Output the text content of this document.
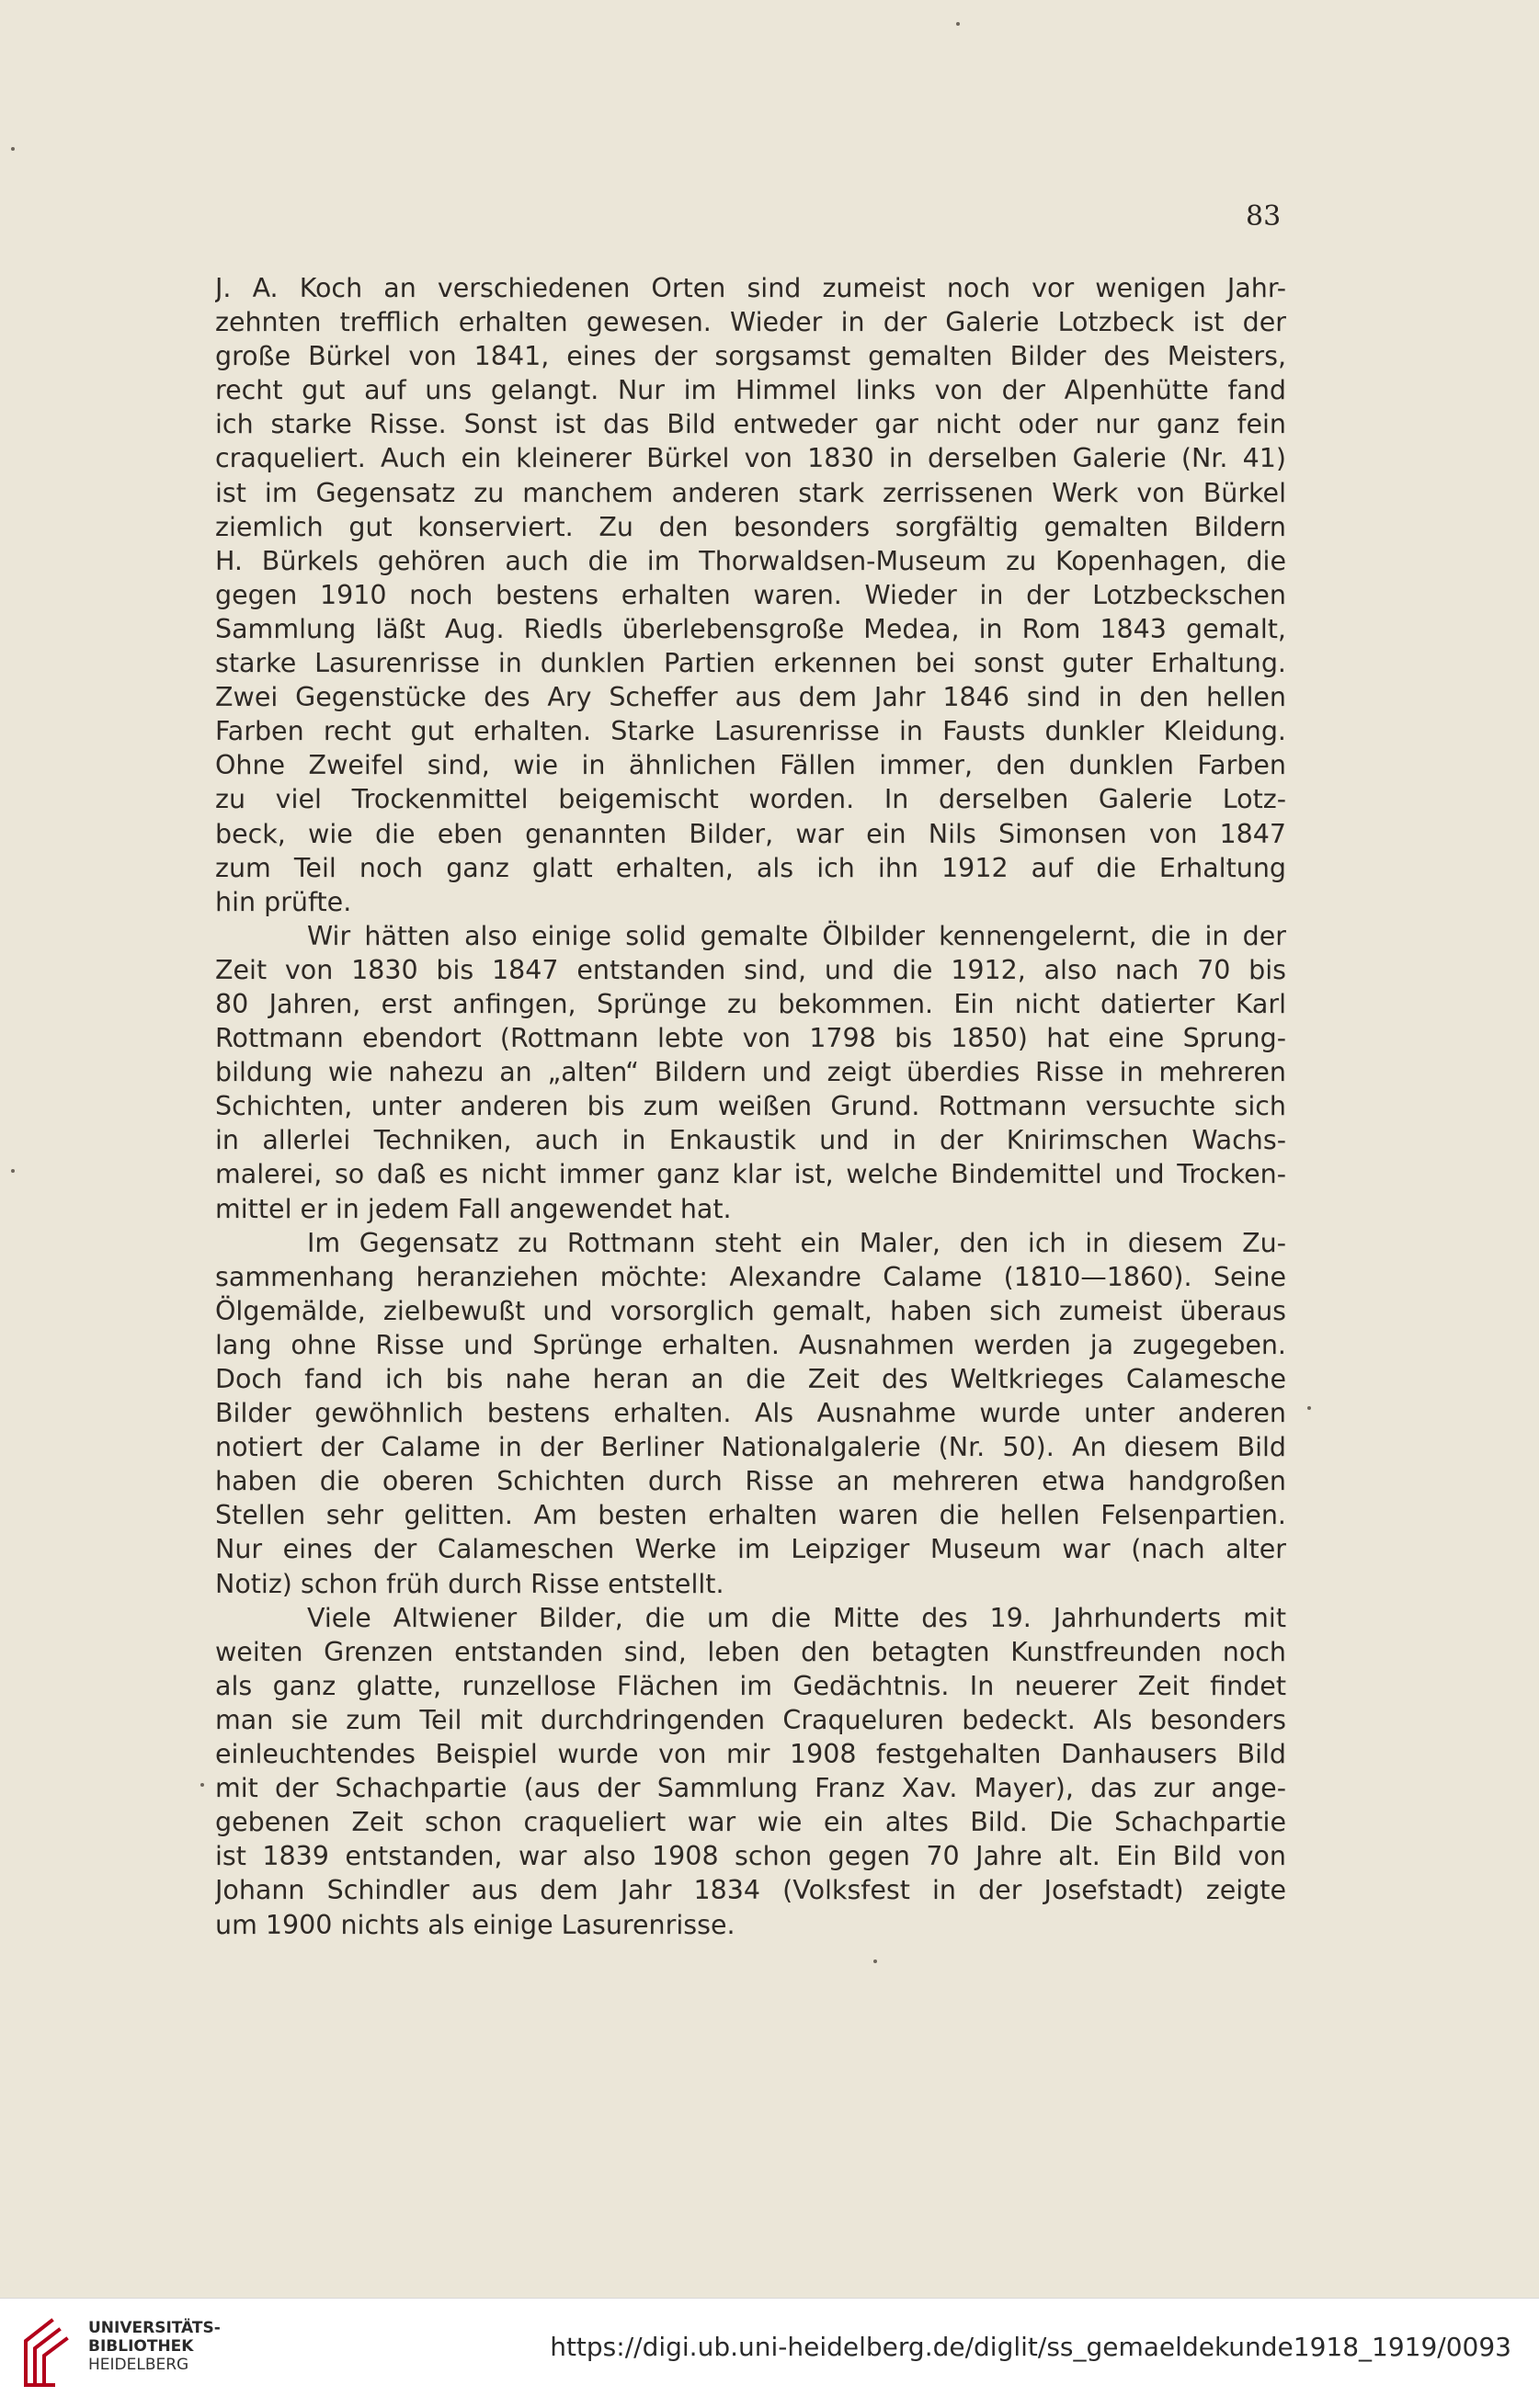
83
J. A. Koch an verschiedenen Orten sind zumeist noch vor wenigen Jahr-
zehnten trefflich erhalten gewesen. Wieder in der Galerie Lotzbeck ist der
große Bürkel von 1841, eines der sorgsamst gemalten Bilder des Meisters,
recht gut auf uns gelangt. Nur im Himmel links von der Alpenhütte fand
ich starke Risse. Sonst ist das Bild entweder gar nicht oder nur ganz fein
craqueliert. Auch ein kleinerer Bürkel von 1830 in derselben Galerie (Nr. 41)
ist im Gegensatz zu manchem anderen stark zerrissenen Werk von Bürkel
ziemlich gut konserviert. Zu den besonders sorgfältig gemalten Bildern
H. Bürkels gehören auch die im Thorwaldsen-Museum zu Kopenhagen, die
gegen 1910 noch bestens erhalten waren. Wieder in der Lotzbeckschen
Sammlung läßt Aug. Riedls überlebensgroße Medea, in Rom 1843 gemalt,
starke Lasurenrisse in dunklen Partien erkennen bei sonst guter Erhaltung.
Zwei Gegenstücke des Ary Scheffer aus dem Jahr 1846 sind in den hellen
Farben recht gut erhalten. Starke Lasurenrisse in Fausts dunkler Kleidung.
Ohne Zweifel sind, wie in ähnlichen Fällen immer, den dunklen Farben
zu viel Trockenmittel beigemischt worden. In derselben Galerie Lotz-
beck, wie die eben genannten Bilder, war ein Nils Simonsen von 1847
zum Teil noch ganz glatt erhalten, als ich ihn 1912 auf die Erhaltung
hin prüfte.
Wir hätten also einige solid gemalte Ölbilder kennengelernt, die in der
Zeit von 1830 bis 1847 entstanden sind, und die 1912, also nach 70 bis
80 Jahren, erst anfingen, Sprünge zu bekommen. Ein nicht datierter Karl
Rottmann ebendort (Rottmann lebte von 1798 bis 1850) hat eine Sprung-
bildung wie nahezu an „alten“ Bildern und zeigt überdies Risse in mehreren
Schichten, unter anderen bis zum weißen Grund. Rottmann versuchte sich
in allerlei Techniken, auch in Enkaustik und in der Knirimschen Wachs-
malerei, so daß es nicht immer ganz klar ist, welche Bindemittel und Trocken-
mittel er in jedem Fall angewendet hat.
Im Gegensatz zu Rottmann steht ein Maler, den ich in diesem Zu-
sammenhang heranziehen möchte: Alexandre Calame (1810—1860). Seine
Ölgemälde, zielbewußt und vorsorglich gemalt, haben sich zumeist überaus
lang ohne Risse und Sprünge erhalten. Ausnahmen werden ja zugegeben.
Doch fand ich bis nahe heran an die Zeit des Weltkrieges Calamesche
Bilder gewöhnlich bestens erhalten. Als Ausnahme wurde unter anderen
notiert der Calame in der Berliner Nationalgalerie (Nr. 50). An diesem Bild
haben die oberen Schichten durch Risse an mehreren etwa handgroßen
Stellen sehr gelitten. Am besten erhalten waren die hellen Felsenpartien.
Nur eines der Calameschen Werke im Leipziger Museum war (nach alter
Notiz) schon früh durch Risse entstellt.
Viele Altwiener Bilder, die um die Mitte des 19. Jahrhunderts mit
weiten Grenzen entstanden sind, leben den betagten Kunstfreunden noch
als ganz glatte, runzellose Flächen im Gedächtnis. In neuerer Zeit findet
man sie zum Teil mit durchdringenden Craqueluren bedeckt. Als besonders
einleuchtendes Beispiel wurde von mir 1908 festgehalten Danhausers Bild
mit der Schachpartie (aus der Sammlung Franz Xav. Mayer), das zur ange-
gebenen Zeit schon craqueliert war wie ein altes Bild. Die Schachpartie
ist 1839 entstanden, war also 1908 schon gegen 70 Jahre alt. Ein Bild von
Johann Schindler aus dem Jahr 1834 (Volksfest in der Josefstadt) zeigte
um 1900 nichts als einige Lasurenrisse.
UNIVERSITÄTS-
BIBLIOTHEK
HEIDELBERG
https://digi.ub.uni-heidelberg.de/diglit/ss_gemaeldekunde1918_1919/0093
